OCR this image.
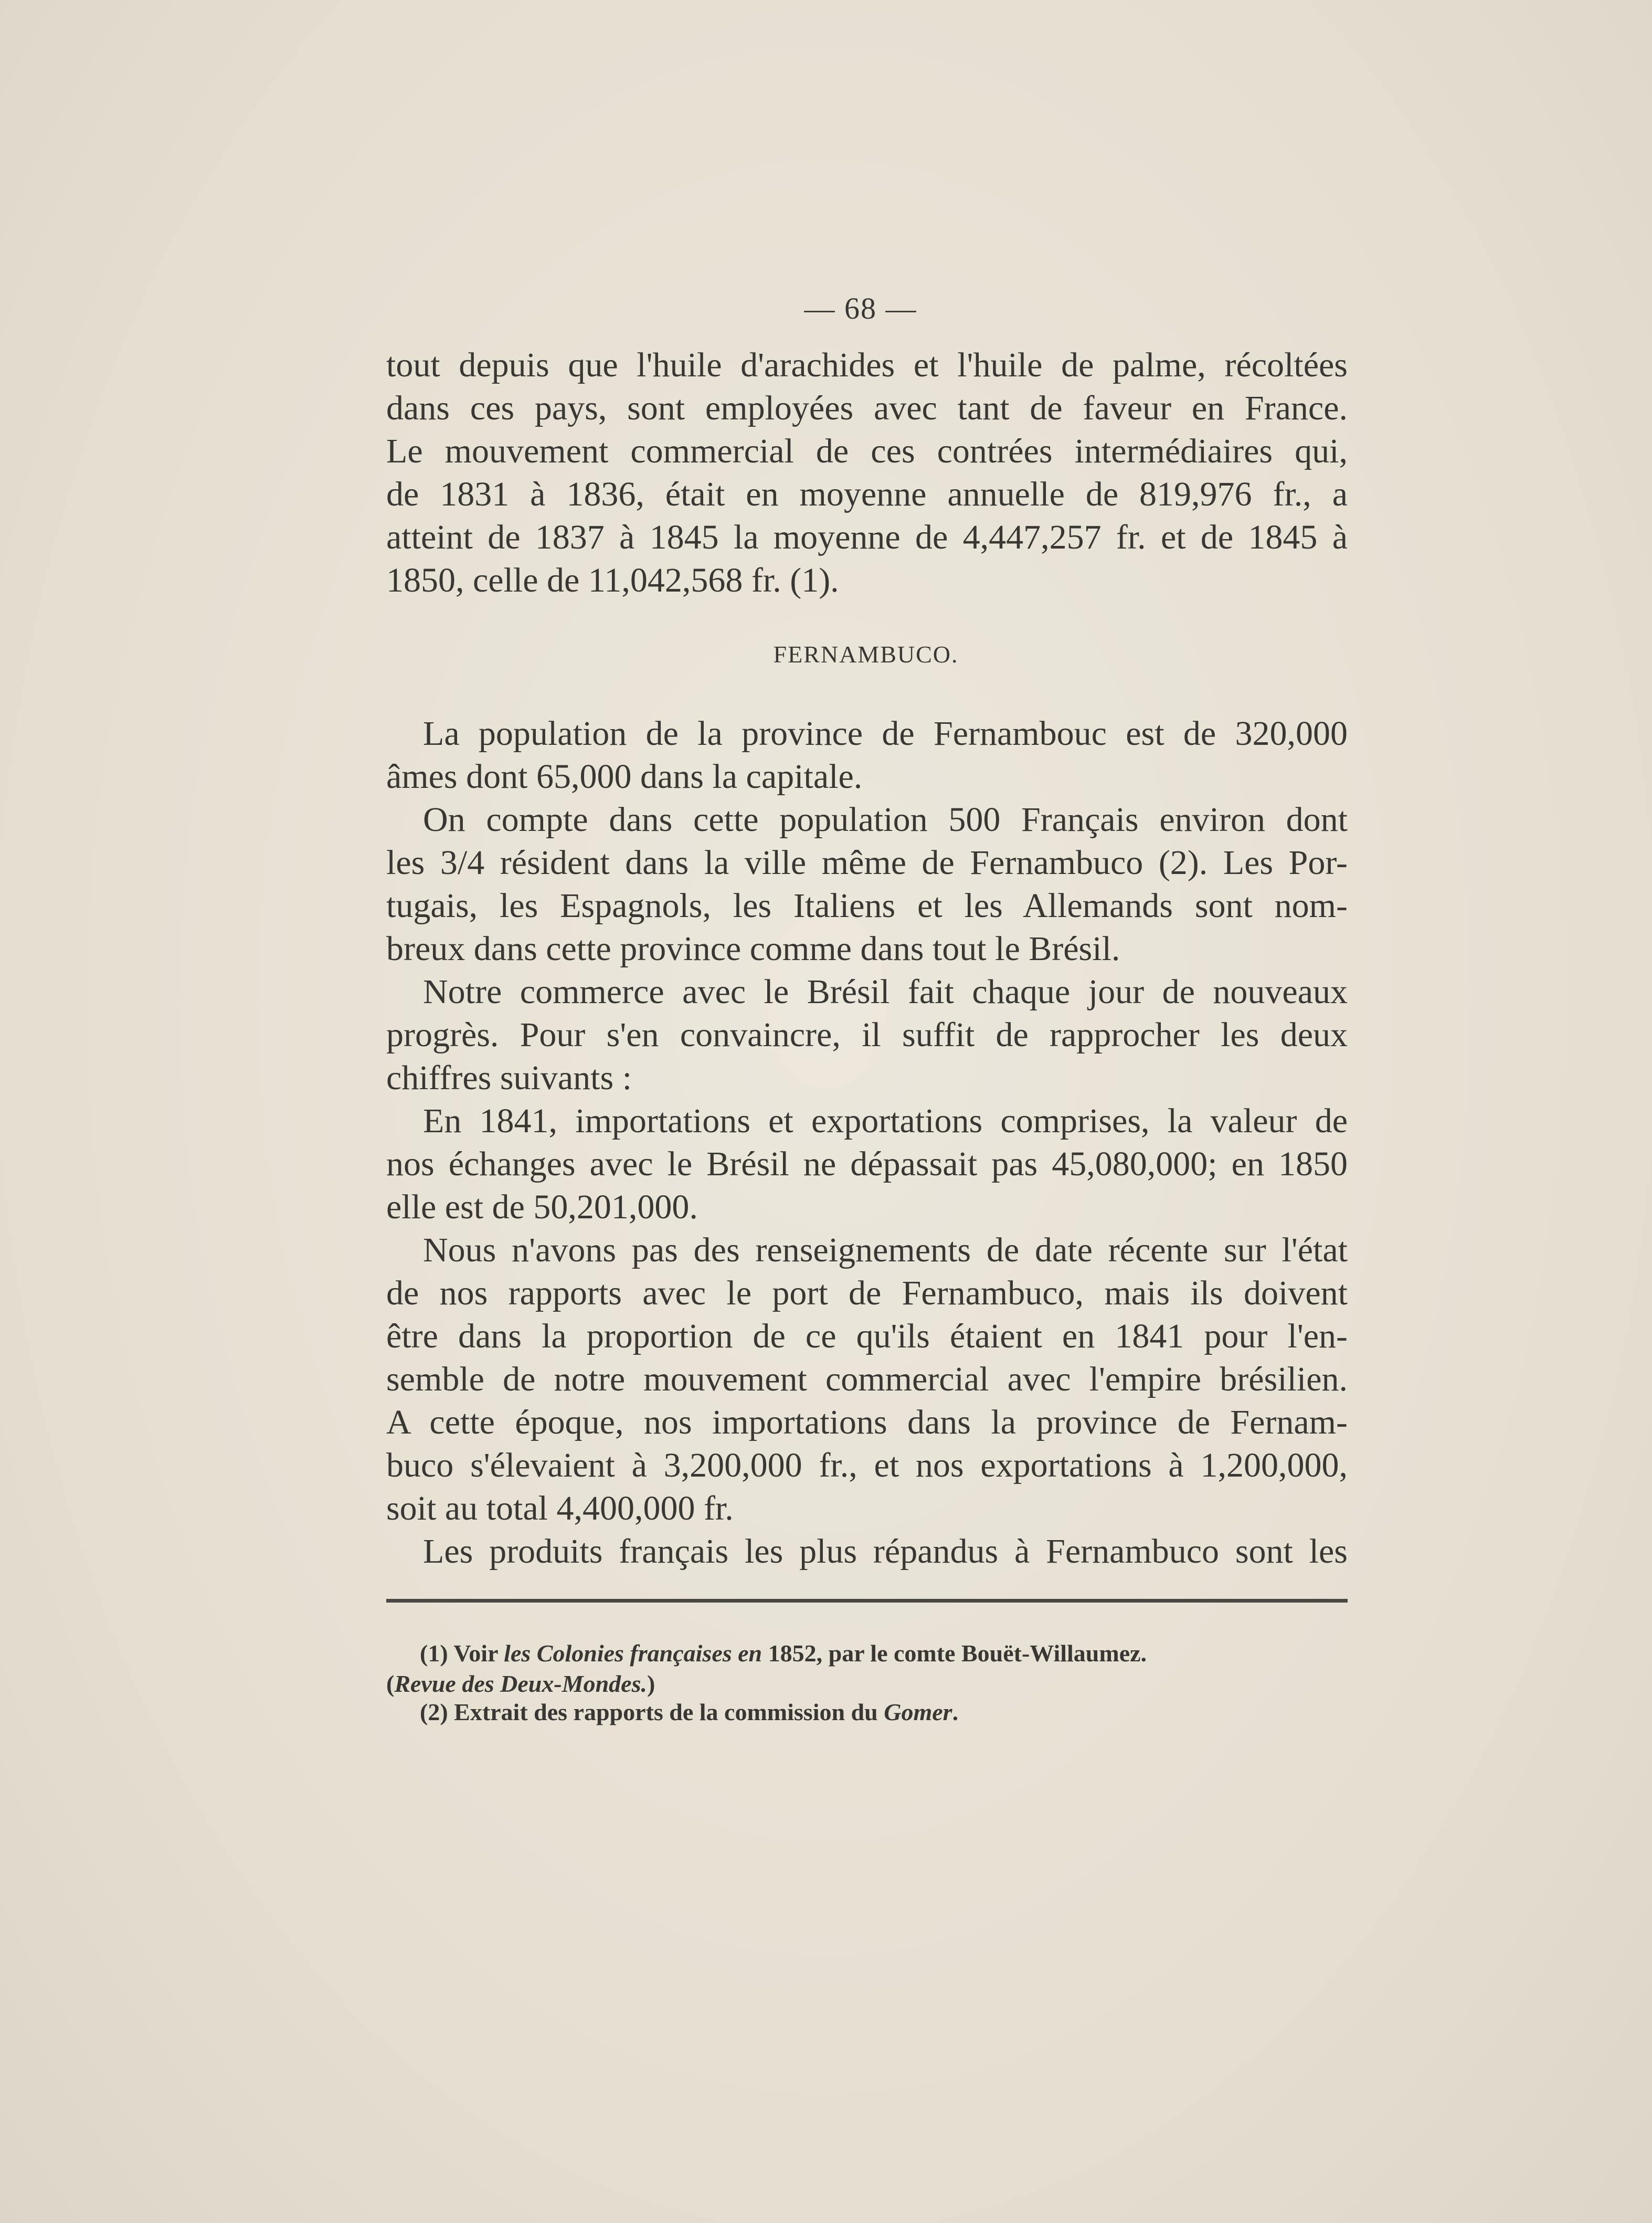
— 68 —
tout depuis que l'huile d'arachides et l'huile de palme, récoltées
dans ces pays, sont employées avec tant de faveur en France.
Le mouvement commercial de ces contrées intermédiaires qui,
de 1831 à 1836, était en moyenne annuelle de 819,976 fr., a
atteint de 1837 à 1845 la moyenne de 4,447,257 fr. et de 1845 à
1850, celle de 11,042,568 fr. (1).
La population de la province de Fernambouc est de 320,000
âmes dont 65,000 dans la capitale.
On compte dans cette population 500 Français environ dont
les 3/4 résident dans la ville même de Fernambuco (2). Les Por-
tugais, les Espagnols, les Italiens et les Allemands sont nom-
breux dans cette province comme dans tout le Brésil.
Notre commerce avec le Brésil fait chaque jour de nouveaux
progrès. Pour s'en convaincre, il suffit de rapprocher les deux
chiffres suivants :
En 1841, importations et exportations comprises, la valeur de
nos échanges avec le Brésil ne dépassait pas 45,080,000; en 1850
elle est de 50,201,000.
Nous n'avons pas des renseignements de date récente sur l'état
de nos rapports avec le port de Fernambuco, mais ils doivent
être dans la proportion de ce qu'ils étaient en 1841 pour l'en-
semble de notre mouvement commercial avec l'empire brésilien.
A cette époque, nos importations dans la province de Fernam-
buco s'élevaient à 3,200,000 fr., et nos exportations à 1,200,000,
soit au total 4,400,000 fr.
Les produits français les plus répandus à Fernambuco sont les
FERNAMBUCO.
(1) Voir les Colonies françaises en 1852, par le comte Bouët-Willaumez.
(Revue des Deux-Mondes.)
(2) Extrait des rapports de la commission du Gomer.
